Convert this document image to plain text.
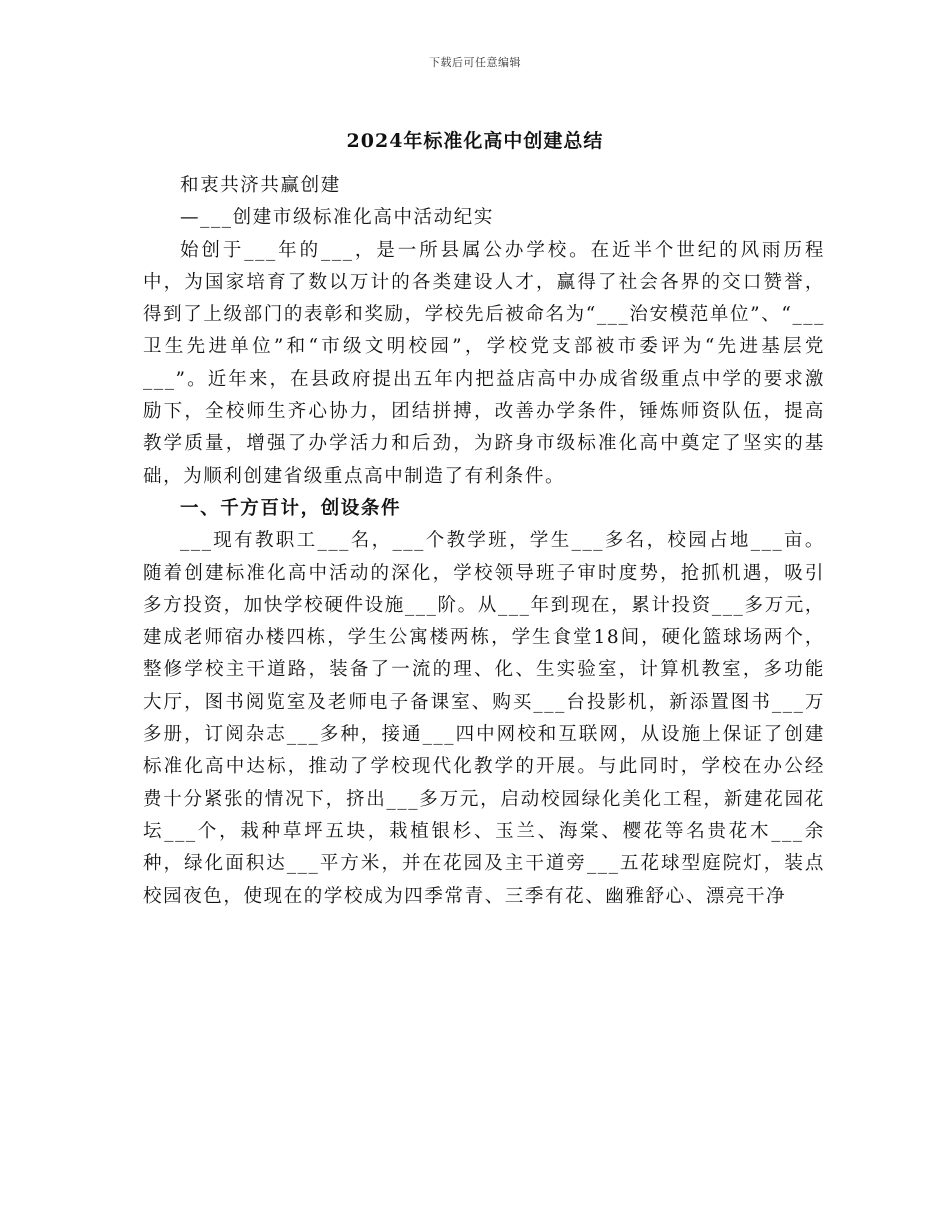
下载后可任意编辑
2024年标准化高中创建总结

和衷共济共赢创建

—___创建市级标准化高中活动纪实

始创于___年的___，是一所县属公办学校。在近半个世纪的风雨历程中，为国家培育了数以万计的各类建设人才，赢得了社会各界的交口赞誉，得到了上级部门的表彰和奖励，学校先后被命名为“___治安模范单位”、“___卫生先进单位”和“市级文明校园”，学校党支部被市委评为“先进基层党___”。近年来，在县政府提出五年内把益店高中办成省级重点中学的要求激励下，全校师生齐心协力，团结拼搏，改善办学条件，锤炼师资队伍，提高教学质量，增强了办学活力和后劲，为跻身市级标准化高中奠定了坚实的基础，为顺利创建省级重点高中制造了有利条件。

一、千方百计，创设条件

___现有教职工___名，___个教学班，学生___多名，校园占地___亩。随着创建标准化高中活动的深化，学校领导班子审时度势，抢抓机遇，吸引多方投资，加快学校硬件设施___阶。从___年到现在，累计投资___多万元，建成老师宿办楼四栋，学生公寓楼两栋，学生食堂18间，硬化篮球场两个，整修学校主干道路，装备了一流的理、化、生实验室，计算机教室，多功能大厅，图书阅览室及老师电子备课室、购买___台投影机，新添置图书___万多册，订阅杂志___多种，接通___四中网校和互联网，从设施上保证了创建标准化高中达标，推动了学校现代化教学的开展。与此同时，学校在办公经费十分紧张的情况下，挤出___多万元，启动校园绿化美化工程，新建花园花坛___个，栽种草坪五块，栽植银杉、玉兰、海棠、樱花等名贵花木___余种，绿化面积达___平方米，并在花园及主干道旁___五花球型庭院灯，装点校园夜色，使现在的学校成为四季常青、三季有花、幽雅舒心、漂亮干净
